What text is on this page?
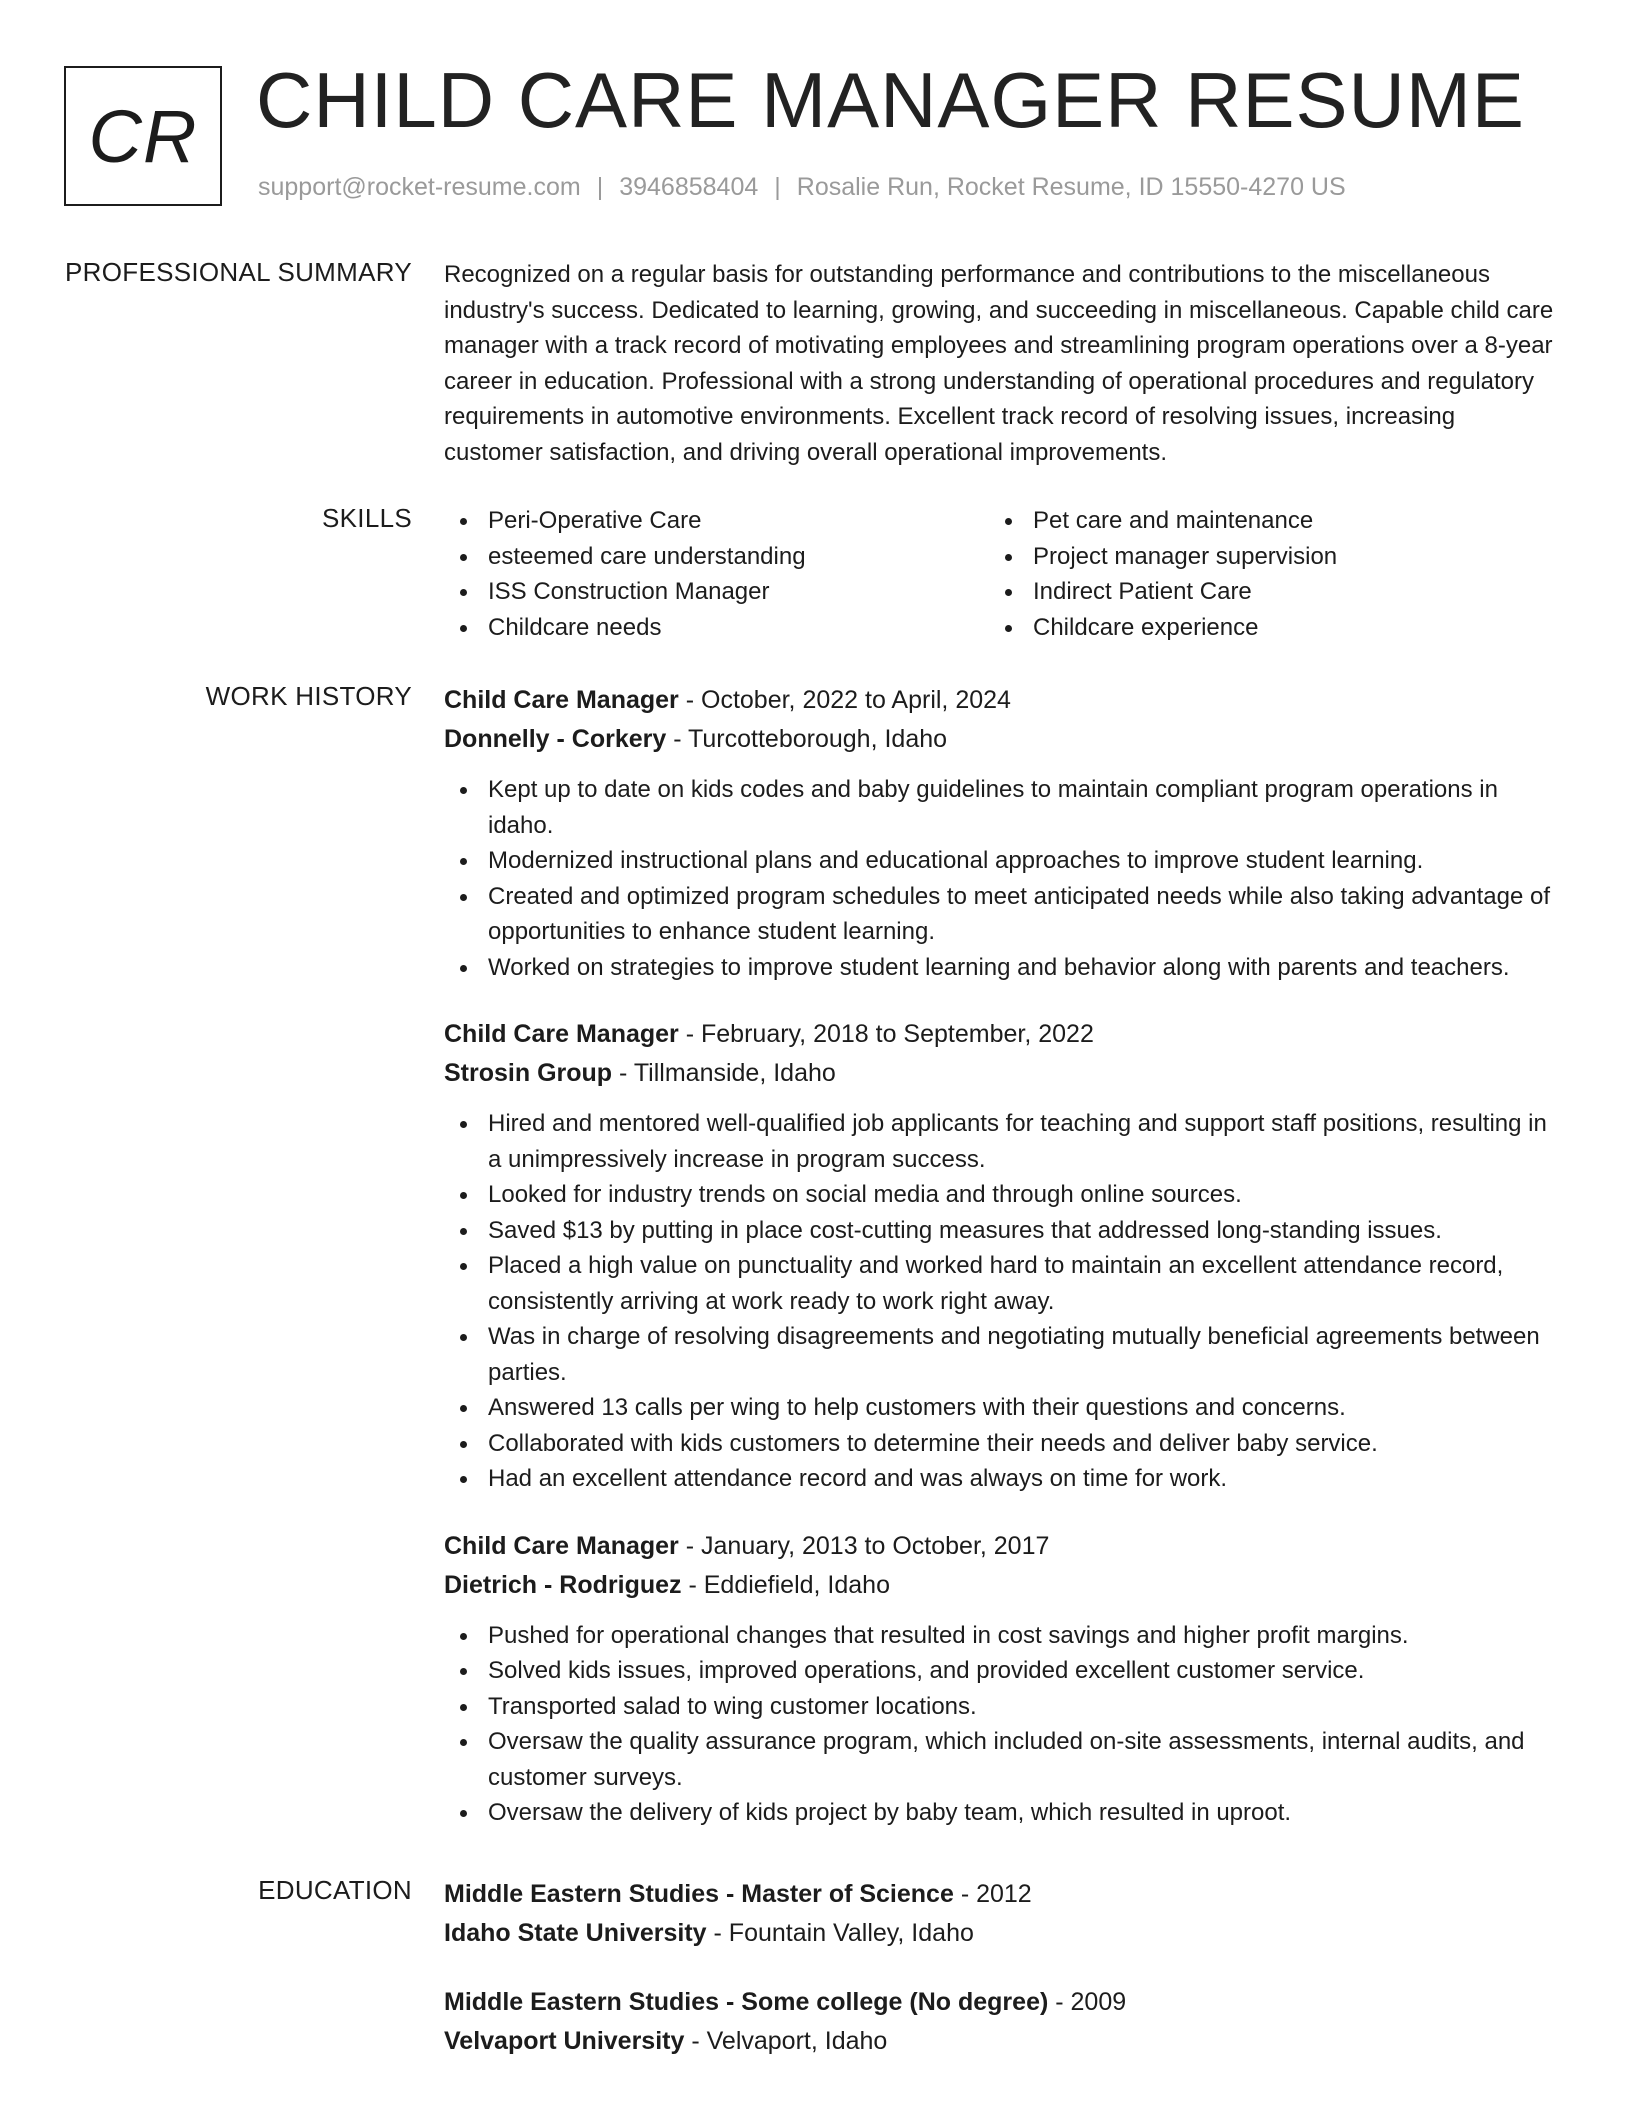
CR CHILD CARE MANAGER RESUME
support@rocket-resume.com | 3946858404 | Rosalie Run, Rocket Resume, ID 15550-4270 US
PROFESSIONAL SUMMARY Recognized on a regular basis for outstanding performance and contributions to the miscellaneous industry's success. Dedicated to learning, growing, and succeeding in miscellaneous. Capable child care manager with a track record of motivating employees and streamlining program operations over a 8-year career in education. Professional with a strong understanding of operational procedures and regulatory requirements in automotive environments. Excellent track record of resolving issues, increasing customer satisfaction, and driving overall operational improvements.

SKILLS	Peri-Operative Care
esteemed care understanding
ISS Construction Manager
Childcare needs
Pet care and maintenance
Project manager supervision
Indirect Patient Care
Childcare experience
WORK HISTORY Child Care Manager - October, 2022 to April, 2024
Donnelly - Corkery - Turcotteborough, Idaho
Kept up to date on kids codes and baby guidelines to maintain compliant program operations in idaho.
Modernized instructional plans and educational approaches to improve student learning.
Created and optimized program schedules to meet anticipated needs while also taking advantage of opportunities to enhance student learning.
Worked on strategies to improve student learning and behavior along with parents and teachers.
Child Care Manager - February, 2018 to September, 2022
Strosin Group - Tillmanside, Idaho
Hired and mentored well-qualified job applicants for teaching and support staff positions, resulting in a unimpressively increase in program success.
Looked for industry trends on social media and through online sources.
Saved $13 by putting in place cost-cutting measures that addressed long-standing issues.
Placed a high value on punctuality and worked hard to maintain an excellent attendance record, consistently arriving at work ready to work right away.
Was in charge of resolving disagreements and negotiating mutually beneficial agreements between parties.
Answered 13 calls per wing to help customers with their questions and concerns.
Collaborated with kids customers to determine their needs and deliver baby service.
Had an excellent attendance record and was always on time for work.
Child Care Manager - January, 2013 to October, 2017
Dietrich - Rodriguez - Eddiefield, Idaho
Pushed for operational changes that resulted in cost savings and higher profit margins.
Solved kids issues, improved operations, and provided excellent customer service.
Transported salad to wing customer locations.
Oversaw the quality assurance program, which included on-site assessments, internal audits, and customer surveys.
Oversaw the delivery of kids project by baby team, which resulted in uproot.
EDUCATION Middle Eastern Studies - Master of Science - 2012
Idaho State University - Fountain Valley, Idaho
Middle Eastern Studies - Some college (No degree) - 2009
Velvaport University - Velvaport, Idaho
